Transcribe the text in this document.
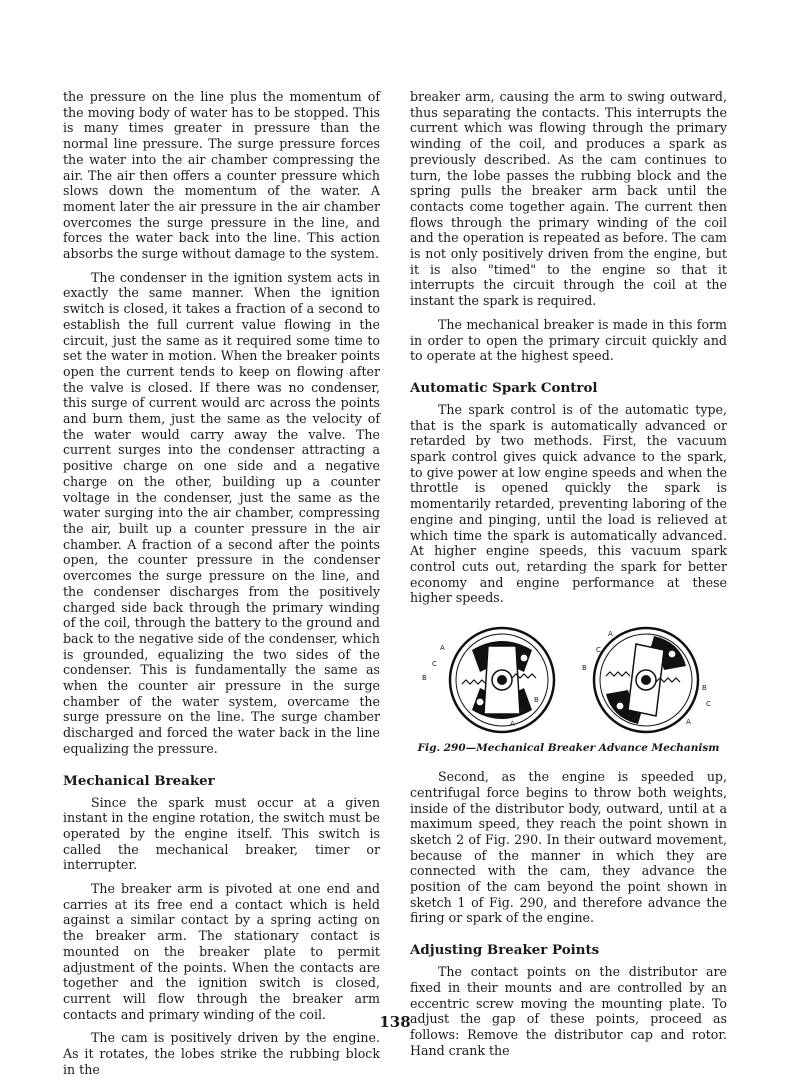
the pressure on the line plus the momentum of the moving body of water has to be stopped. This is many times greater in pressure than the normal line pressure. The surge pressure forces the water into the air chamber compressing the air. The air then offers a counter pressure which slows down the momentum of the water. A moment later the air pressure in the air chamber overcomes the surge pressure in the line, and forces the water back into the line. This action absorbs the surge without damage to the system.

The condenser in the ignition system acts in exactly the same manner. When the ignition switch is closed, it takes a fraction of a second to establish the full current value flowing in the circuit, just the same as it required some time to set the water in motion. When the breaker points open the current tends to keep on flowing after the valve is closed. If there was no condenser, this surge of current would arc across the points and burn them, just the same as the velocity of the water would carry away the valve. The current surges into the condenser attracting a positive charge on one side and a negative charge on the other, building up a counter voltage in the condenser, just the same as the water surging into the air chamber, compressing the air, built up a counter pressure in the air chamber. A fraction of a second after the points open, the counter pressure in the condenser overcomes the surge pressure on the line, and the condenser discharges from the positively charged side back through the primary winding of the coil, through the battery to the ground and back to the negative side of the condenser, which is grounded, equalizing the two sides of the condenser. This is fundamentally the same as when the counter air pressure in the surge chamber of the water system, overcame the surge pressure on the line. The surge chamber discharged and forced the water back in the line equalizing the pressure.

Mechanical Breaker

Since the spark must occur at a given instant in the engine rotation, the switch must be operated by the engine itself. This switch is called the mechanical breaker, timer or interrupter.

The breaker arm is pivoted at one end and carries at its free end a contact which is held against a similar contact by a spring acting on the breaker arm. The stationary contact is mounted on the breaker plate to permit adjustment of the points. When the contacts are together and the ignition switch is closed, current will flow through the breaker arm contacts and primary winding of the coil.

The cam is positively driven by the engine. As it rotates, the lobes strike the rubbing block in the

breaker arm, causing the arm to swing outward, thus separating the contacts. This interrupts the current which was flowing through the primary winding of the coil, and produces a spark as previously described. As the cam continues to turn, the lobe passes the rubbing block and the spring pulls the breaker arm back until the contacts come together again. The current then flows through the primary winding of the coil and the operation is repeated as before. The cam is not only positively driven from the engine, but it is also "timed" to the engine so that it interrupts the circuit through the coil at the instant the spark is required.

The mechanical breaker is made in this form in order to open the primary circuit quickly and to operate at the highest speed.

Automatic Spark Control

The spark control is of the automatic type, that is the spark is automatically advanced or retarded by two methods. First, the vacuum spark control gives quick advance to the spark, to give power at low engine speeds and when the throttle is opened quickly the spark is momentarily retarded, preventing laboring of the engine and pinging, until the load is relieved at which time the spark is automatically advanced. At higher engine speeds, this vacuum spark control cuts out, retarding the spark for better economy and engine performance at these higher speeds.

A
C
B
B
C
A
A
C
B
B
C
A
Fig. 290—Mechanical Breaker Advance Mechanism

Second, as the engine is speeded up, centrifugal force begins to throw both weights, inside of the distributor body, outward, until at a maximum speed, they reach the point shown in sketch 2 of Fig. 290. In their outward movement, because of the manner in which they are connected with the cam, they advance the position of the cam beyond the point shown in sketch 1 of Fig. 290, and therefore advance the firing or spark of the engine.

Adjusting Breaker Points

The contact points on the distributor are fixed in their mounts and are controlled by an eccentric screw moving the mounting plate. To adjust the gap of these points, proceed as follows: Remove the distributor cap and rotor. Hand crank the

138
